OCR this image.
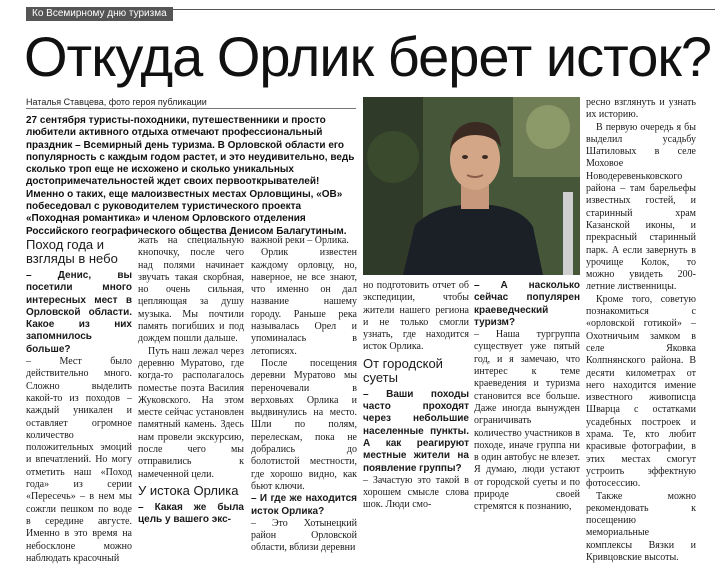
Ко Всемирному дню туризма
Откуда Орлик берет исток?
Наталья Ставцева, фото героя публикации

27 сентября туристы-походники, путешественники и просто любители активного отдыха отмечают профессиональный праздник – Всемирный день туризма. В Орловской области его популярность с каждым годом растет, и это неудивительно, ведь сколько троп еще не исхожено и сколько уникальных достопримечательностей ждет своих первооткрывателей! Именно о таких, еще малоизвестных местах Орловщины, «ОВ» побеседовал с руководителем туристического проекта «Походная романтика» и членом Орловского отделения Российского географического общества Денисом Балагутиным.

Поход года и взгляды в небо

– Денис, вы посетили много интересных мест в Орловской области. Какое из них запомнилось больше?

– Мест было действительно много. Сложно выделить какой-то из походов – каждый уникален и оставляет огромное количество положительных эмоций и впечатлений. Но могу отметить наш «Поход года» из серии «Пересечь» – в нем мы сожгли пешком по воде в середине августе. Именно в это время на небосклоне можно наблюдать красочный

жать на специальную кнопочку, после чего над полями начинает звучать такая скорбная, но очень сильная, цепляющая за душу музыка. Мы почтили память погибших и под дождем пошли дальше.

Путь наш лежал через деревню Муратово, где когда-то располагалось поместье поэта Василия Жуковского. На этом месте сейчас установлен памятный камень. Здесь нам провели экскурсию, после чего мы отправились к намеченной цели.

У истока Орлика

– Какая же была цель у вашего экс-

важной реки – Орлика.

Орлик известен каждому орловцу, но, наверное, не все знают, что именно он дал название нашему городу. Раньше река называлась Орел и упоминалась в летописях.

После посещения деревни Муратово мы переночевали в верховьях Орлика и выдвинулись на место. Шли по полям, перелескам, пока не добрались до болотистой местности, где хорошо видно, как бьют ключи.

– И где же находится исток Орлика?

– Это Хотынецкий район Орловской области, вблизи деревни

но подготовить отчет об экспедиции, чтобы жители нашего региона и не только смогли узнать, где находится исток Орлика.

От городской суеты

– Ваши походы часто проходят через небольшие населенные пункты. А как реагируют местные жители на появление группы?

– Зачастую это такой в хорошем смысле слова шок. Люди смо-

– А насколько сейчас популярен краеведческий туризм?

– Наша тургруппа существует уже пятый год, и я замечаю, что интерес к теме краеведения и туризма становится все больше. Даже иногда вынужден ограничивать количество участников в походе, иначе группа ни в один автобус не влезет. Я думаю, люди устают от городской суеты и по природе своей стремятся к познанию,

ресно взглянуть и узнать их историю.

В первую очередь я бы выделил усадьбу Шатиловых в селе Моховое Новодеревеньковского района – там барельефы известных гостей, и старинный храм Казанской иконы, и прекрасный старинный парк. А если завернуть в урочище Колок, то можно увидеть 200-летние лиственницы.

Кроме того, советую познакомиться с «орловской готикой» – Охотничьим замком в селе Яковка Колпнянского района. В десяти километрах от него находится имение известного живописца Шварца с остатками усадебных построек и храма. Те, кто любит красивые фотографии, в этих местах смогут устроить эффектную фотосессию.

Также можно рекомендовать к посещению мемориальные комплексы Вязки и Кривцовские высоты.
